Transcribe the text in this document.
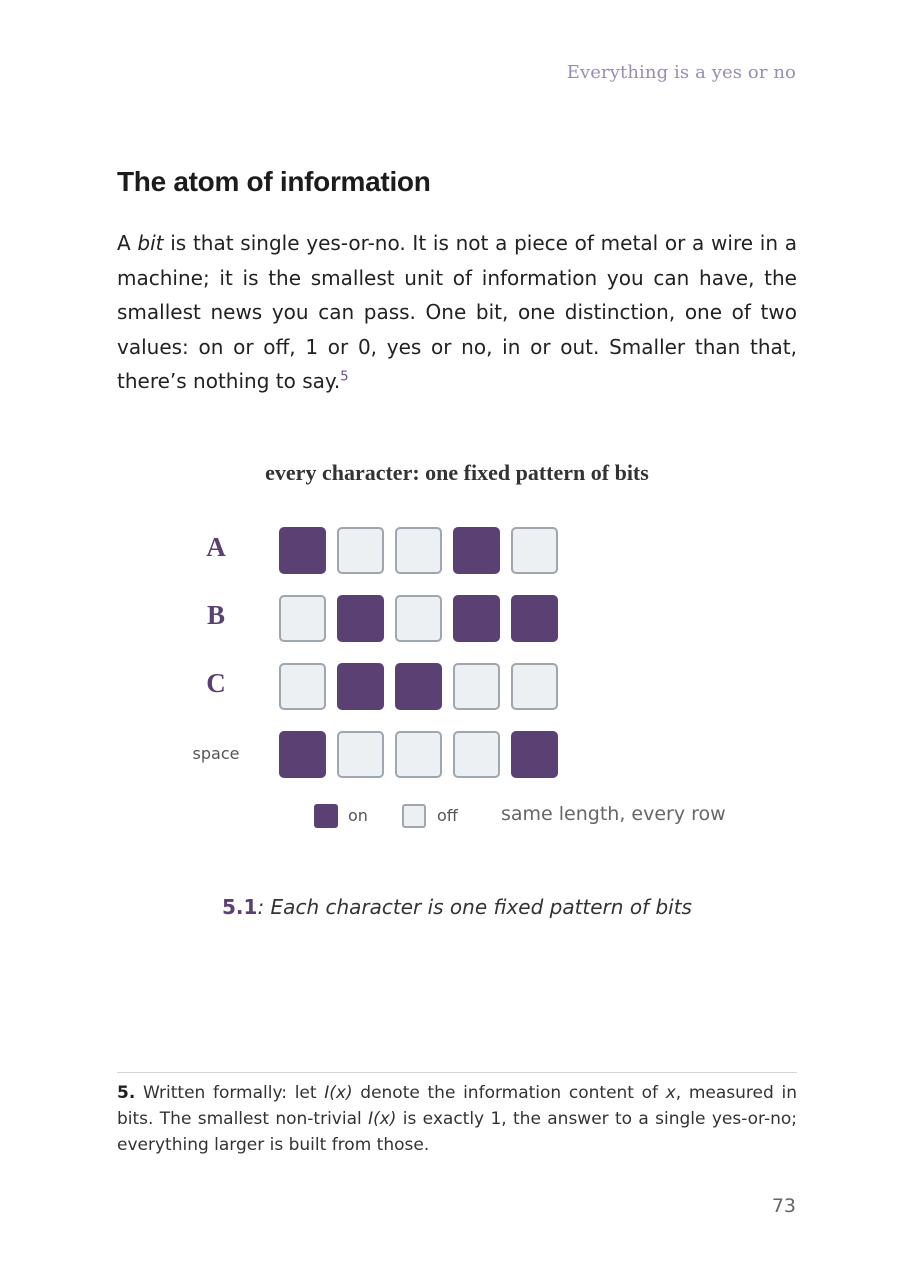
Everything is a yes or no
The atom of information

A bit is that single yes-or-no. It is not a piece of metal or a wire in a machine; it is the smallest unit of information you can have, the smallest news you can pass. One bit, one distinction, one of two values: on or off, 1 or 0, yes or no, in or out. Smaller than that, there’s nothing to say.$^5$

every character: one fixed pattern of bits
A
B
C
space
on	off same length, every row
5.1: Each character is one fixed pattern of bits

5. Written formally: let I(x) denote the information content of x, measured in bits. The smallest non-trivial I(x) is exactly 1, the answer to a single yes-or-no; everything larger is built from those.

73
